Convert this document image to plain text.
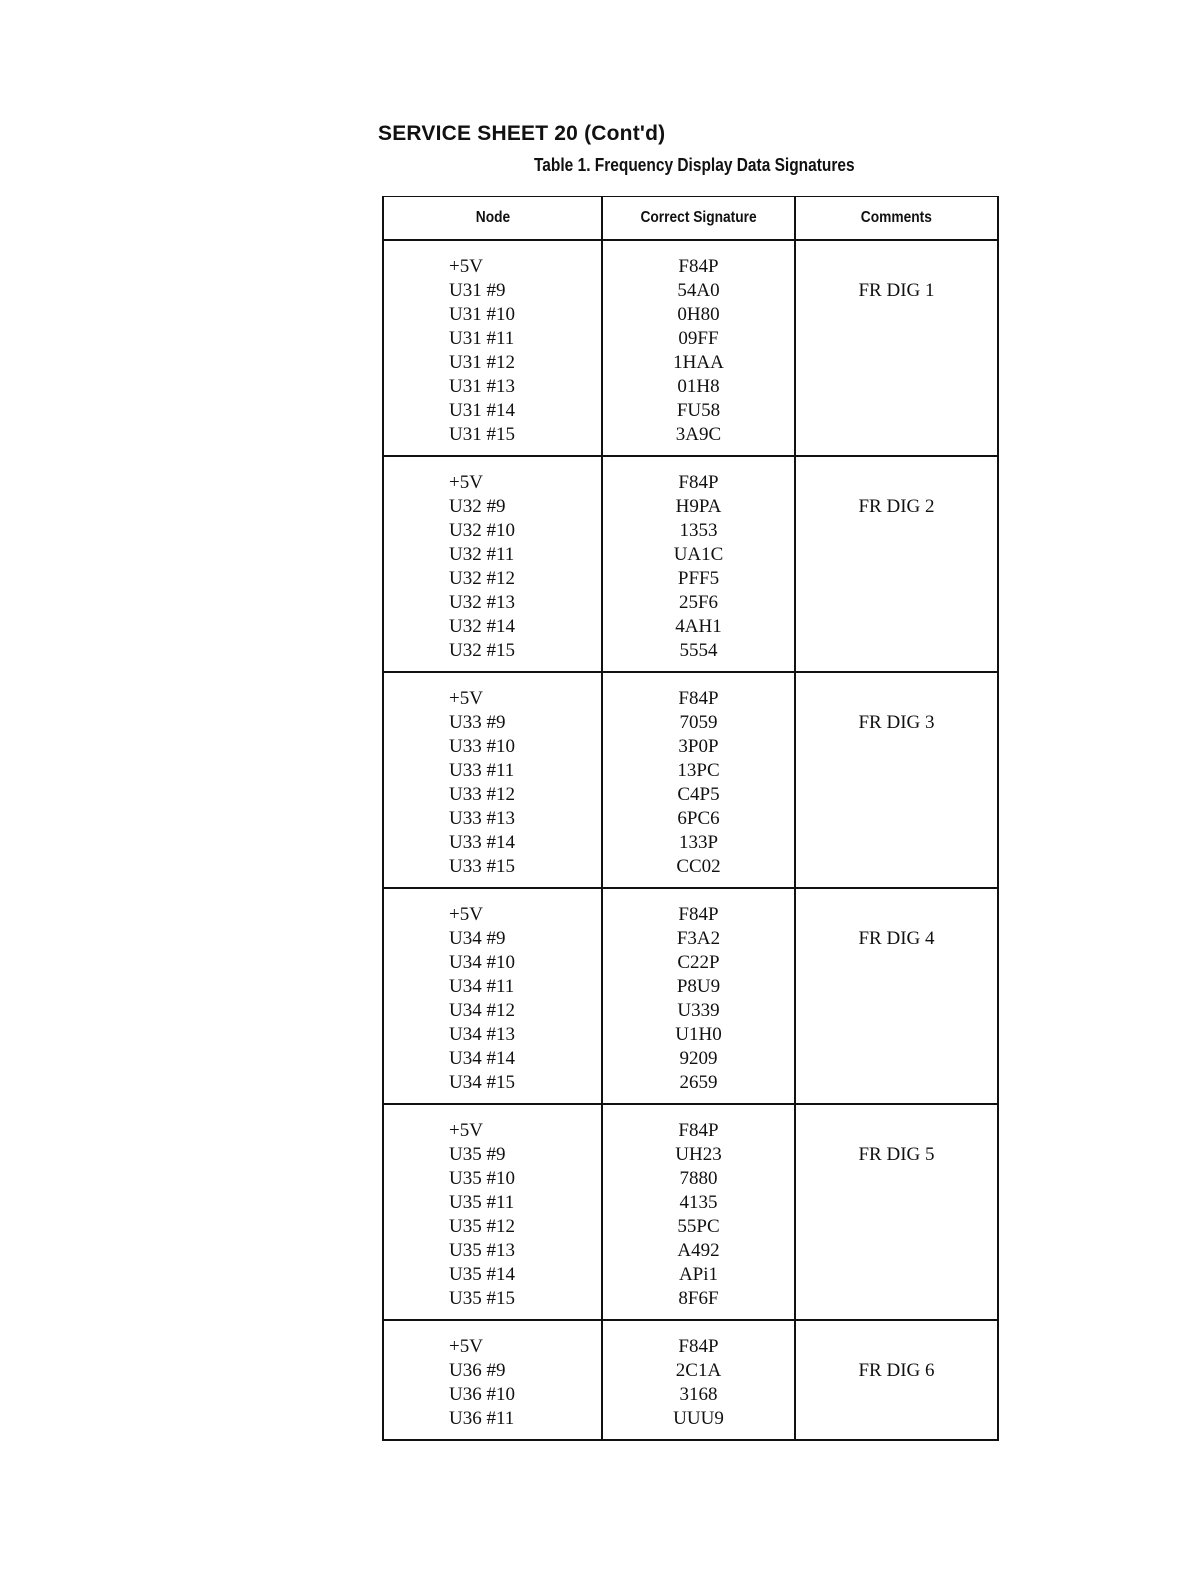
SERVICE SHEET 20 (Cont'd)
Table 1. Frequency Display Data Signatures
Node	Correct Signature	Comments
+5V
U31 #9
U31 #10
U31 #11
U31 #12
U31 #13
U31 #14
U31 #15
F84P
54A0
0H80
09FF
1HAA
01H8
FU58
3A9C
FR DIG 1
+5V
U32 #9
U32 #10
U32 #11
U32 #12
U32 #13
U32 #14
U32 #15
F84P
H9PA
1353
UA1C
PFF5
25F6
4AH1
5554
FR DIG 2
+5V
U33 #9
U33 #10
U33 #11
U33 #12
U33 #13
U33 #14
U33 #15
F84P
7059
3P0P
13PC
C4P5
6PC6
133P
CC02
FR DIG 3
+5V
U34 #9
U34 #10
U34 #11
U34 #12
U34 #13
U34 #14
U34 #15
F84P
F3A2
C22P
P8U9
U339
U1H0
9209
2659
FR DIG 4
+5V
U35 #9
U35 #10
U35 #11
U35 #12
U35 #13
U35 #14
U35 #15
F84P
UH23
7880
4135
55PC
A492
APi1
8F6F
FR DIG 5
+5V
U36 #9
U36 #10
U36 #11
F84P
2C1A
3168
UUU9
FR DIG 6
